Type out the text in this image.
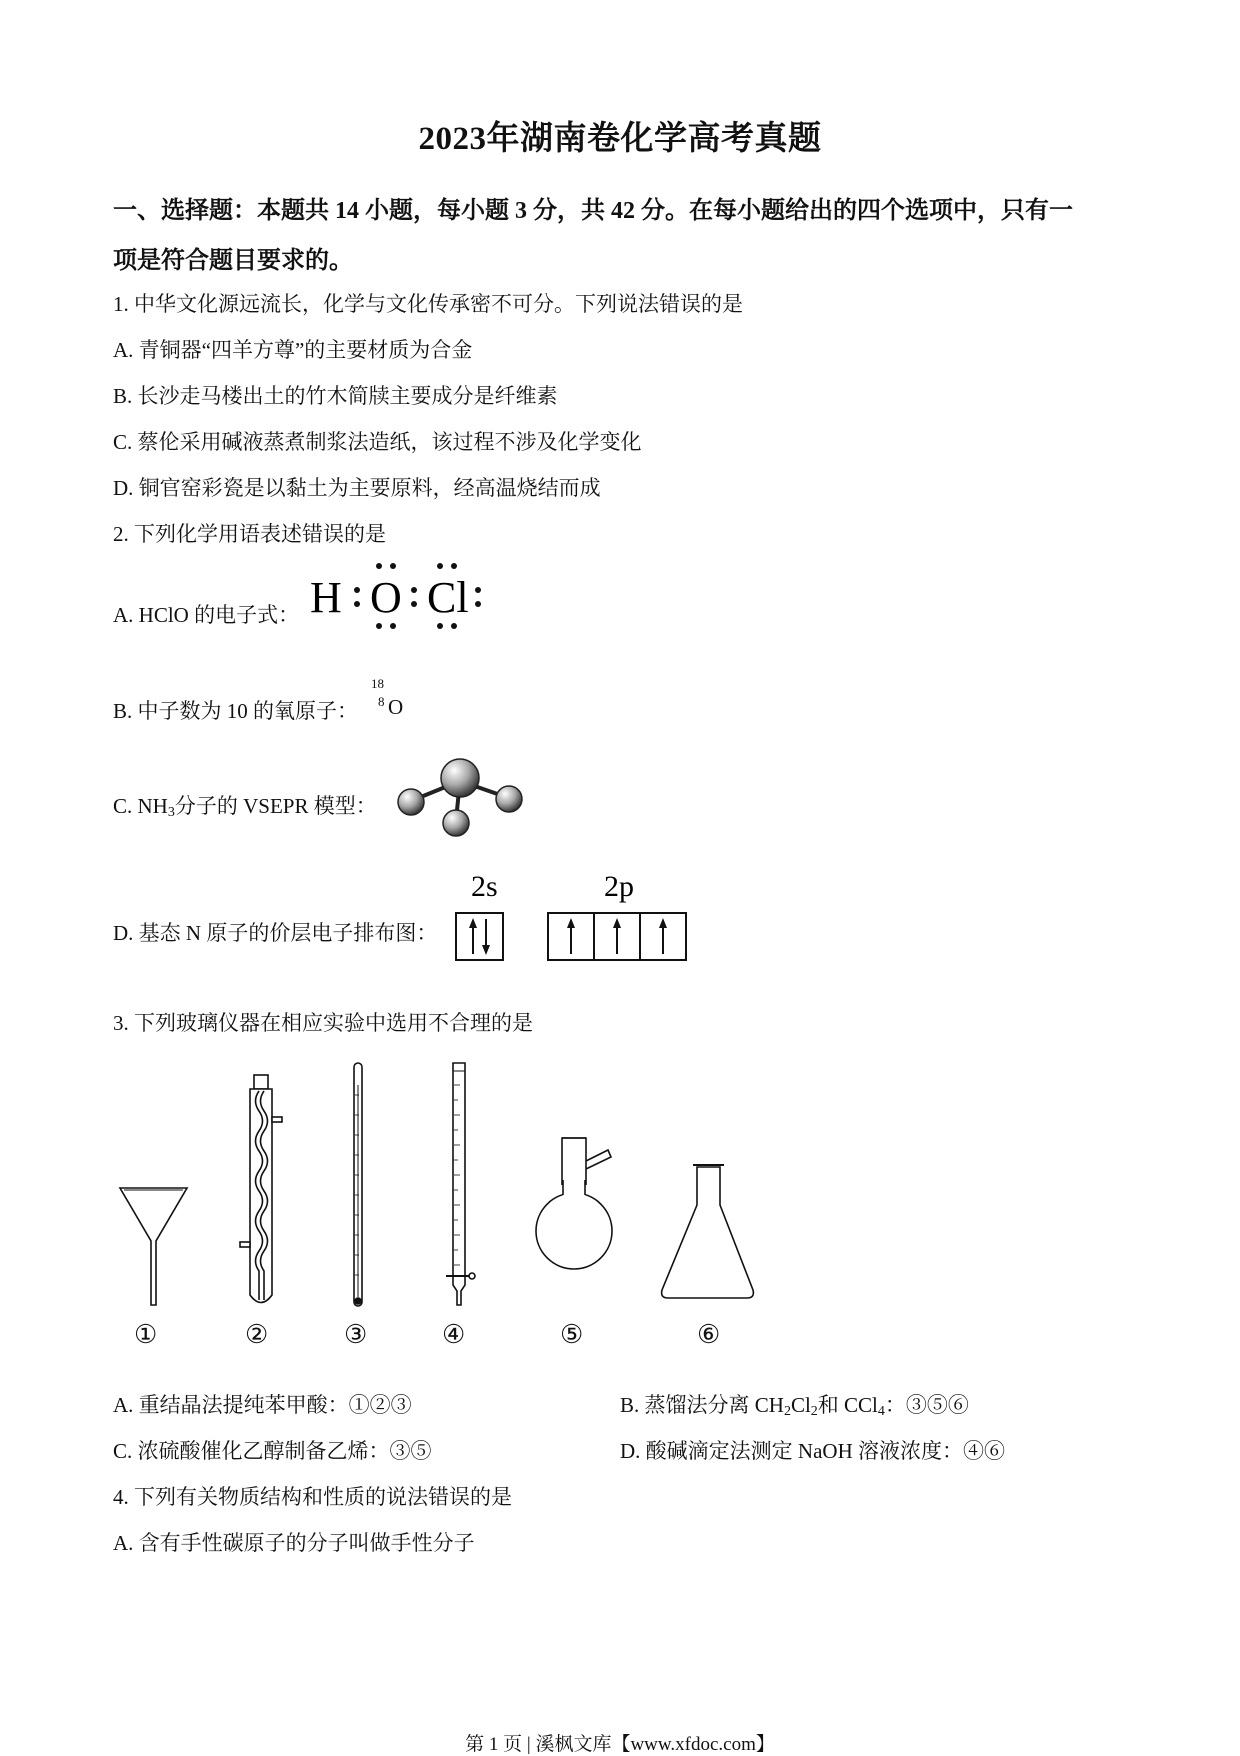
2023年湖南卷化学高考真题
一、选择题：本题共 14 小题，每小题 3 分，共 42 分。在每小题给出的四个选项中，只有一
项是符合题目要求的。
1. 中华文化源远流长，化学与文化传承密不可分。下列说法错误的是
A. 青铜器“四羊方尊”的主要材质为合金
B. 长沙走马楼出土的竹木简牍主要成分是纤维素
C. 蔡伦采用碱液蒸煮制浆法造纸，该过程不涉及化学变化
D. 铜官窑彩瓷是以黏土为主要原料，经高温烧结而成
2. 下列化学用语表述错误的是
A. HClO 的电子式： H O Cl
B. 中子数为 10 的氧原子：
18
8 O
C. $NH_3$分子的 VSEPR 模型：
D. 基态 N 原子的价层电子排布图：
2s	2p
3. 下列玻璃仪器在相应实验中选用不合理的是
①	②	③	④	⑤	⑥
A. 重结晶法提纯苯甲酸：①②③	B. 蒸馏法分离 $CH_2Cl_2$和 CCl$_4$：③⑤⑥
C. 浓硫酸催化乙醇制备乙烯：③⑤	D. 酸碱滴定法测定 NaOH 溶液浓度：④⑥
4. 下列有关物质结构和性质的说法错误的是
A. 含有手性碳原子的分子叫做手性分子
第 1 页 | 溪枫文库【www.xfdoc.com】
